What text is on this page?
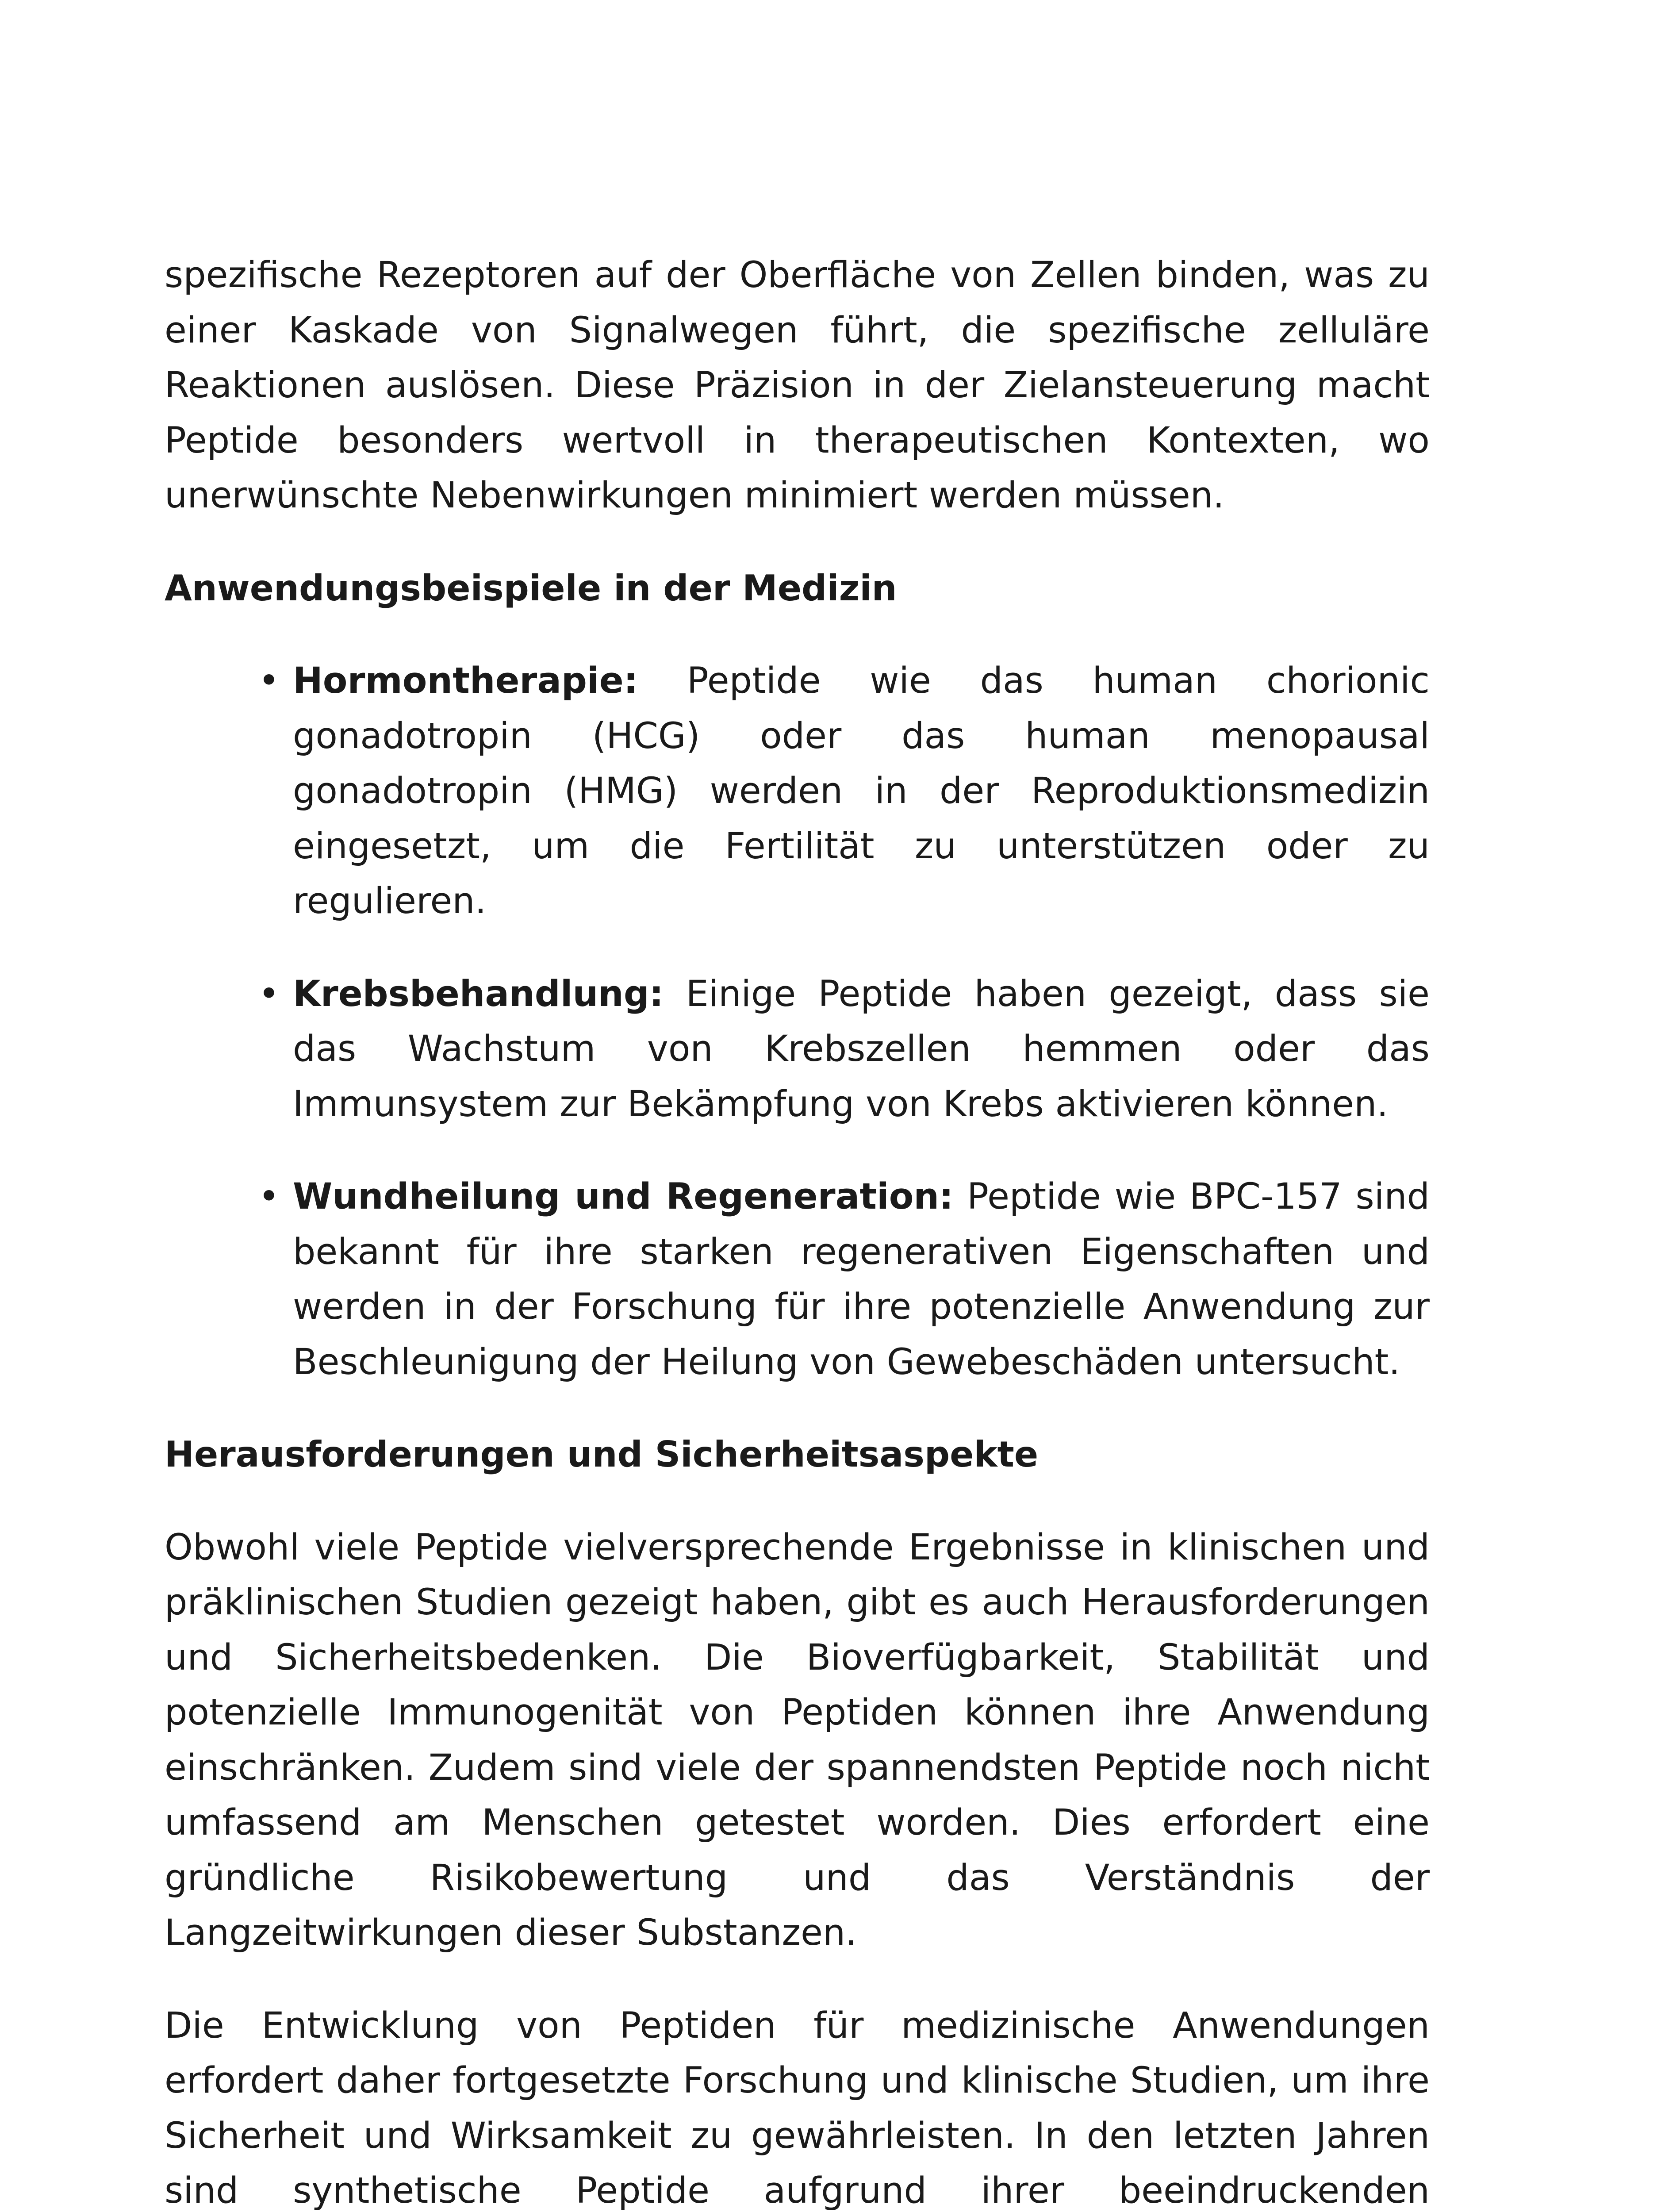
spezifische Rezeptoren auf der Oberfläche von Zellen binden, was zu einer Kaskade von Signalwegen führt, die spezifische zelluläre Reaktionen auslösen. Diese Präzision in der Zielansteuerung macht Peptide besonders wertvoll in therapeutischen Kontexten, wo unerwünschte Nebenwirkungen minimiert werden müssen.

Anwendungsbeispiele in der Medizin
• Hormontherapie: Peptide wie das human chorionic gonadotropin (HCG) oder das human menopausal gonadotropin (HMG) werden in der Reproduktionsmedizin eingesetzt, um die Fertilität zu unterstützen oder zu regulieren.
• Krebsbehandlung: Einige Peptide haben gezeigt, dass sie das Wachstum von Krebszellen hemmen oder das Immunsystem zur Bekämpfung von Krebs aktivieren können.
• Wundheilung und Regeneration: Peptide wie BPC-157 sind bekannt für ihre starken regenerativen Eigenschaften und werden in der Forschung für ihre potenzielle Anwendung zur Beschleunigung der Heilung von Gewebeschäden untersucht.
Herausforderungen und Sicherheitsaspekte

Obwohl viele Peptide vielversprechende Ergebnisse in klinischen und präklinischen Studien gezeigt haben, gibt es auch Herausforderungen und Sicherheitsbedenken. Die Bioverfügbarkeit, Stabilität und potenzielle Immunogenität von Peptiden können ihre Anwendung einschränken. Zudem sind viele der spannendsten Peptide noch nicht umfassend am Menschen getestet worden. Dies erfordert eine gründliche Risikobewertung und das Verständnis der Langzeitwirkungen dieser Substanzen.

Die Entwicklung von Peptiden für medizinische Anwendungen erfordert daher fortgesetzte Forschung und klinische Studien, um ihre Sicherheit und Wirksamkeit zu gewährleisten. In den letzten Jahren sind synthetische Peptide aufgrund ihrer beeindruckenden
